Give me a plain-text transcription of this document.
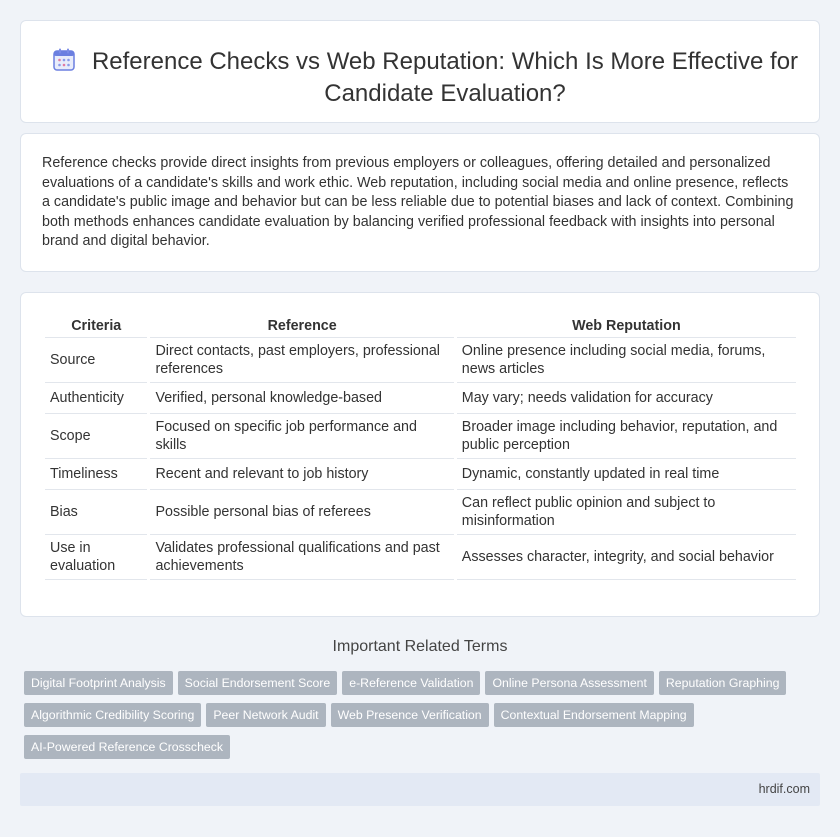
Reference Checks vs Web Reputation: Which Is More Effective for Candidate Evaluation?

Reference checks provide direct insights from previous employers or colleagues, offering detailed and personalized evaluations of a candidate's skills and work ethic. Web reputation, including social media and online presence, reflects a candidate's public image and behavior but can be less reliable due to potential biases and lack of context. Combining both methods enhances candidate evaluation by balancing verified professional feedback with insights into personal brand and digital behavior.

Criteria	Reference	Web Reputation
Source	Direct contacts, past employers, professional references	Online presence including social media, forums, news articles
Authenticity	Verified, personal knowledge-based	May vary; needs validation for accuracy
Scope	Focused on specific job performance and skills	Broader image including behavior, reputation, and public perception
Timeliness	Recent and relevant to job history	Dynamic, constantly updated in real time
Bias	Possible personal bias of referees	Can reflect public opinion and subject to misinformation
Use in evaluation	Validates professional qualifications and past achievements	Assesses character, integrity, and social behavior
Important Related Terms
Digital Footprint Analysis Social Endorsement Score e-Reference Validation Online Persona Assessment Reputation GraphingAlgorithmic Credibility Scoring Peer Network Audit Web Presence Verification Contextual Endorsement MappingAI-Powered Reference Crosscheck
hrdif.com
